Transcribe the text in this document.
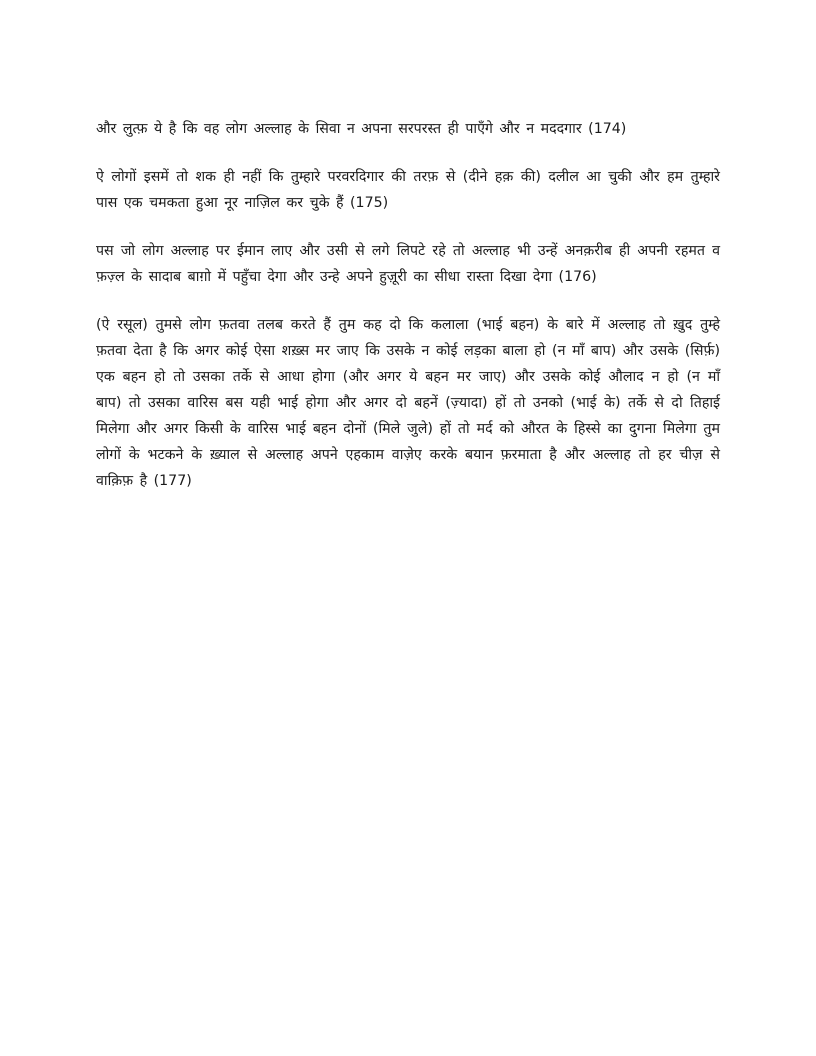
और लुत्फ़ ये है कि वह लोग अल्लाह के सिवा न अपना सरपरस्त ही पाएँगे और न मददगार (174)

ऐ लोगों इसमें तो शक ही नहीं कि तुम्हारे परवरदिगार की तरफ़ से (दीने हक़ की) दलील आ चुकी और हम तुम्हारे पास एक चमकता हुआ नूर नाज़िल कर चुके हैं (175)

पस जो लोग अल्लाह पर ईमान लाए और उसी से लगे लिपटे रहे तो अल्लाह भी उन्हें अनक़रीब ही अपनी रहमत व फ़ज़्ल के सादाब बाग़ो में पहुँचा देगा और उन्हे अपने हुज़ूरी का सीधा रास्ता दिखा देगा (176)

(ऐ रसूल) तुमसे लोग फ़तवा तलब करते हैं तुम कह दो कि कलाला (भाई बहन) के बारे में अल्लाह तो ख़ुद तुम्हे फ़तवा देता है कि अगर कोई ऐसा शख़्स मर जाए कि उसके न कोई लड़का बाला हो (न माँ बाप) और उसके (सिर्फ़) एक बहन हो तो उसका तर्के से आधा होगा (और अगर ये बहन मर जाए) और उसके कोई औलाद न हो (न माँ बाप) तो उसका वारिस बस यही भाई होगा और अगर दो बहनें (ज़्यादा) हों तो उनको (भाई के) तर्के से दो तिहाई मिलेगा और अगर किसी के वारिस भाई बहन दोनों (मिले जुले) हों तो मर्द को औरत के हिस्से का दुगना मिलेगा तुम लोगों के भटकने के ख़्याल से अल्लाह अपने एहकाम वाज़ेए करके बयान फ़रमाता है और अल्लाह तो हर चीज़ से वाक़िफ़ है (177)
